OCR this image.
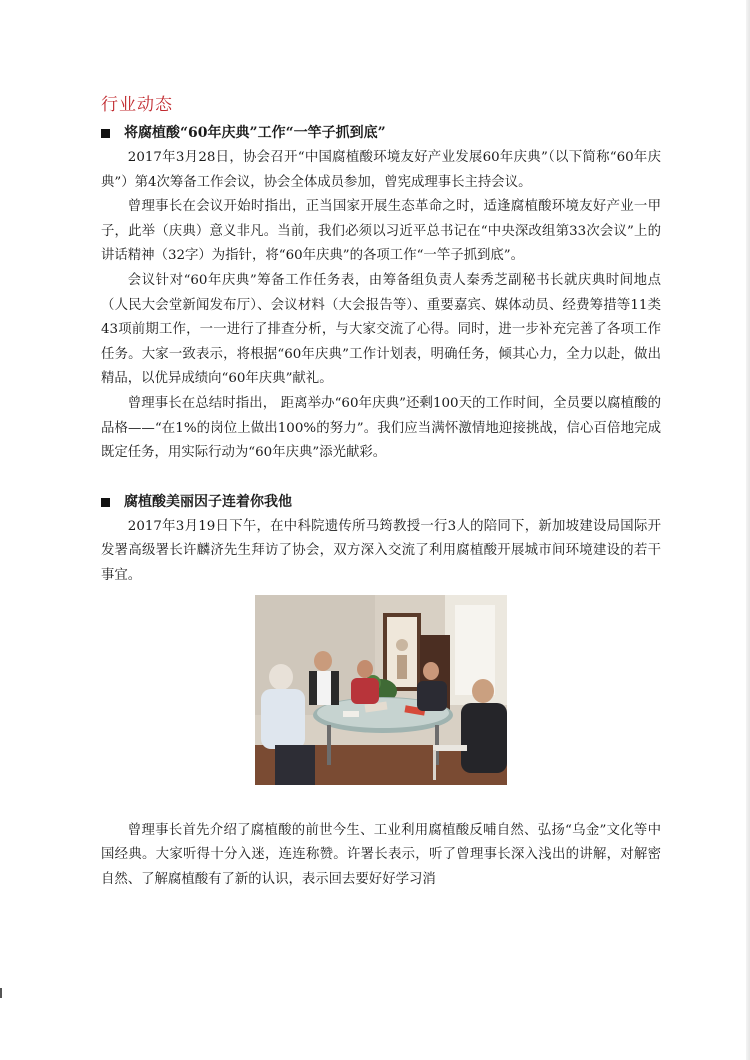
行业动态
将腐植酸“60年庆典”工作“一竿子抓到底”

2017年3月28日，协会召开“中国腐植酸环境友好产业发展60年庆典”（以下简称“60年庆典”）第4次筹备工作会议，协会全体成员参加，曾宪成理事长主持会议。

曾理事长在会议开始时指出，正当国家开展生态革命之时，适逢腐植酸环境友好产业一甲子，此举（庆典）意义非凡。当前，我们必须以习近平总书记在“中央深改组第33次会议”上的讲话精神（32字）为指针，将“60年庆典”的各项工作“一竿子抓到底”。

会议针对“60年庆典”筹备工作任务表，由筹备组负责人秦秀芝副秘书长就庆典时间地点（人民大会堂新闻发布厅）、会议材料（大会报告等）、重要嘉宾、媒体动员、经费筹措等11类43项前期工作，一一进行了排查分析，与大家交流了心得。同时，进一步补充完善了各项工作任务。大家一致表示，将根据“60年庆典”工作计划表，明确任务，倾其心力，全力以赴，做出精品，以优异成绩向“60年庆典”献礼。

曾理事长在总结时指出， 距离举办“60年庆典”还剩100天的工作时间，全员要以腐植酸的品格——“在1%的岗位上做出100%的努力”。我们应当满怀激情地迎接挑战，信心百倍地完成既定任务，用实际行动为“60年庆典”添光献彩。

腐植酸美丽因子连着你我他

2017年3月19日下午，在中科院遗传所马筠教授一行3人的陪同下，新加坡建设局国际开发署高级署长许麟济先生拜访了协会，双方深入交流了利用腐植酸开展城市间环境建设的若干事宜。

曾理事长首先介绍了腐植酸的前世今生、工业利用腐植酸反哺自然、弘扬“乌金”文化等中国经典。大家听得十分入迷，连连称赞。许署长表示，听了曾理事长深入浅出的讲解，对解密自然、了解腐植酸有了新的认识，表示回去要好好学习消
